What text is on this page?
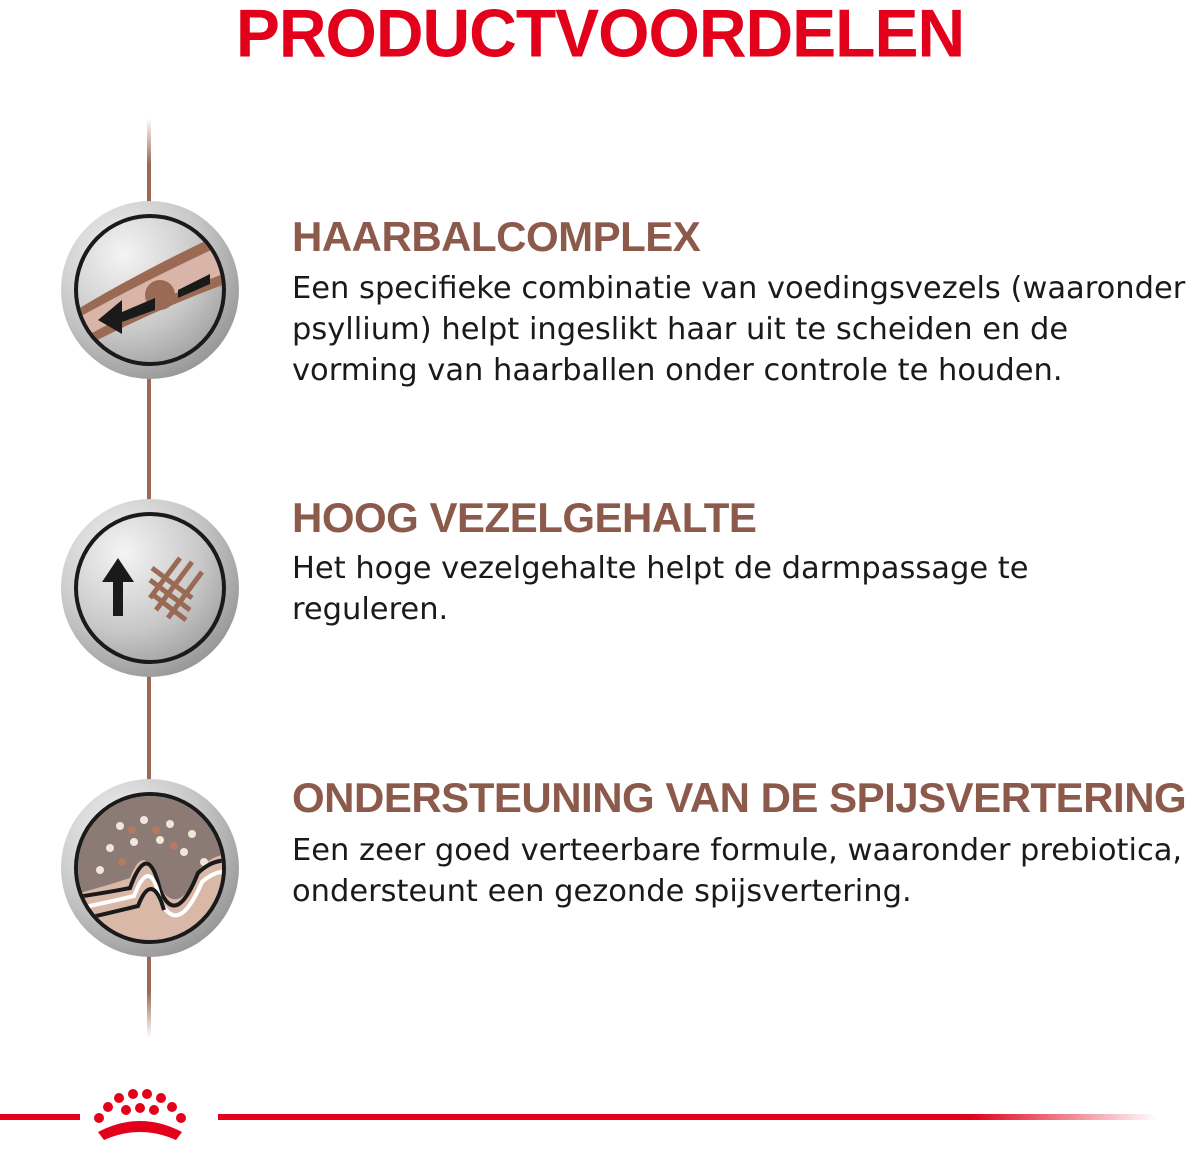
PRODUCTVOORDELEN
HAARBALCOMPLEX
Een specifieke combinatie van voedingsvezels (waaronder psyllium) helpt ingeslikt haar uit te scheiden en de vorming van haarballen onder controle te houden.
HOOG VEZELGEHALTE
Het hoge vezelgehalte helpt de darmpassage te reguleren.
ONDERSTEUNING VAN DE SPIJSVERTERING
Een zeer goed verteerbare formule, waaronder prebiotica, ondersteunt een gezonde spijsvertering.
